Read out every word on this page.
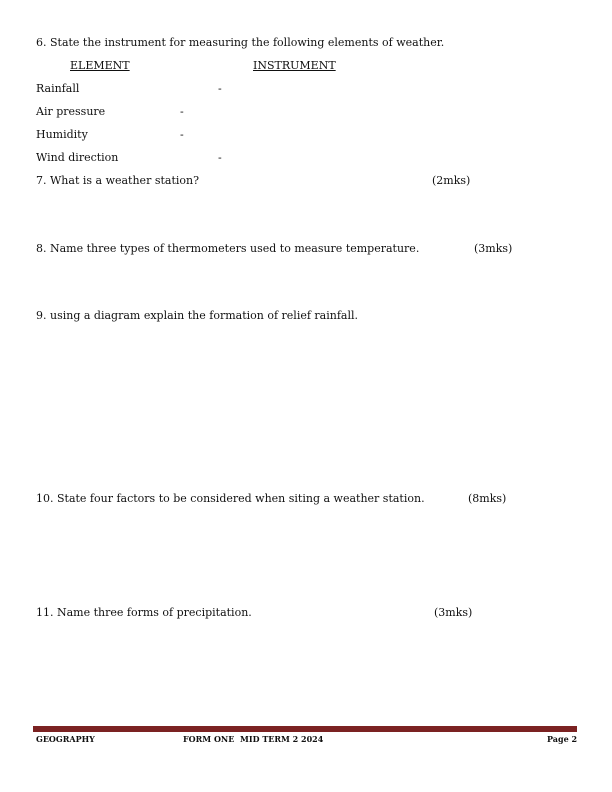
6. State the instrument for measuring the following elements of weather.
ELEMENT	INSTRUMENT
Rainfall	-
Air pressure	-
Humidity	-
Wind direction	-
7. What is a weather station?	(2mks)
8. Name three types of thermometers used to measure temperature.	(3mks)
9. using a diagram explain the formation of relief rainfall.
10. State four factors to be considered when siting a weather station.	(8mks)
11. Name three forms of precipitation.	(3mks)
GEOGRAPHY	FORM ONE MID TERM 2 2024	Page 2
